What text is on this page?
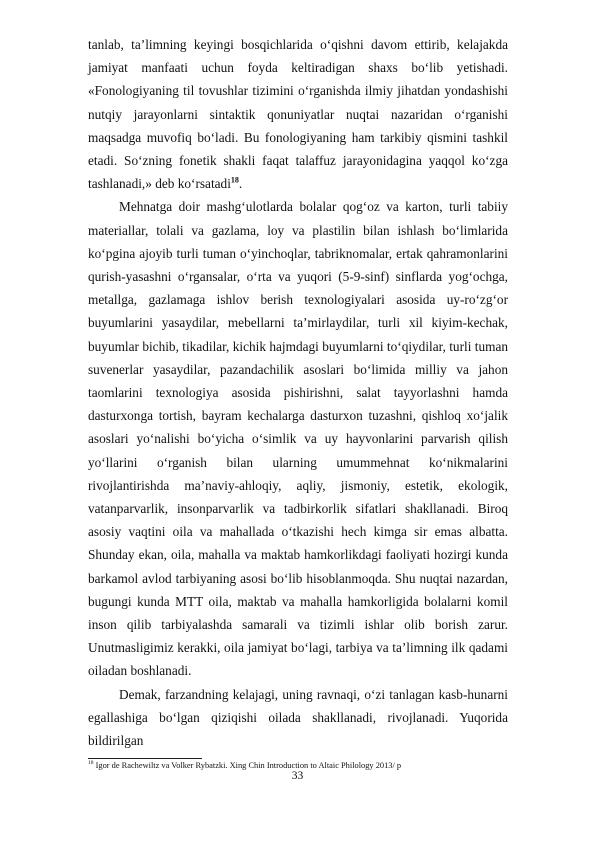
tanlab, ta’limning keyingi bosqichlarida o‘qishni davom ettirib, kelajakda jamiyat manfaati uchun foyda keltiradigan shaxs bo‘lib yetishadi. «Fonologiyaning til tovushlar tizimini o‘rganishda ilmiy jihatdan yondashishi nutqiy jarayonlarni sintaktik qonuniyatlar nuqtai nazaridan o‘rganishi maqsadga muvofiq bo‘ladi. Bu fonologiyaning ham tarkibiy qismini tashkil etadi. So‘zning fonetik shakli faqat talaffuz jarayonidagina yaqqol ko‘zga tashlanadi,» deb ko‘rsatadi$^{18}$.

Mehnatga doir mashg‘ulotlarda bolalar qog‘oz va karton, turli tabiiy materiallar, tolali va gazlama, loy va plastilin bilan ishlash bo‘limlarida ko‘pgina ajoyib turli tuman o‘yinchoqlar, tabriknomalar, ertak qahramonlarini qurish-yasashni o‘rgansalar, o‘rta va yuqori (5-9-sinf) sinflarda yog‘ochga, metallga, gazlamaga ishlov berish texnologiyalari asosida uy-ro‘zg‘or buyumlarini yasaydilar, mebellarni ta’mirlaydilar, turli xil kiyim-kechak, buyumlar bichib, tikadilar, kichik hajmdagi buyumlarni to‘qiydilar, turli tuman suvenerlar yasaydilar, pazandachilik asoslari bo‘limida milliy va jahon taomlarini texnologiya asosida pishirishni, salat tayyorlashni hamda dasturxonga tortish, bayram kechalarga dasturxon tuzashni, qishloq xo‘jalik asoslari yo‘nalishi bo‘yicha o‘simlik va uy hayvonlarini parvarish qilish yo‘llarini o‘rganish bilan ularning umummehnat ko‘nikmalarini rivojlantirishda ma’naviy-ahloqiy, aqliy, jismoniy, estetik, ekologik, vatanparvarlik, insonparvarlik va tadbirkorlik sifatlari shakllanadi. Biroq asosiy vaqtini oila va mahallada o‘tkazishi hech kimga sir emas albatta. Shunday ekan, oila, mahalla va maktab hamkorlikdagi faoliyati hozirgi kunda barkamol avlod tarbiyaning asosi bo‘lib hisoblanmoqda. Shu nuqtai nazardan, bugungi kunda MTT oila, maktab va mahalla hamkorligida bolalarni komil inson qilib tarbiyalashda samarali va tizimli ishlar olib borish zarur. Unutmasligimiz kerakki, oila jamiyat bo‘lagi, tarbiya va ta’limning ilk qadami oiladan boshlanadi.

Demak, farzandning kelajagi, uning ravnaqi, o‘zi tanlagan kasb-hunarni egallashiga bo‘lgan qiziqishi oilada shakllanadi, rivojlanadi. Yuqorida bildirilgan

$^{18}$ Igor de Rachewiltz va Volker Rybatzki. Xing Chin Introduction to Altaic Philology 2013/ p
33
